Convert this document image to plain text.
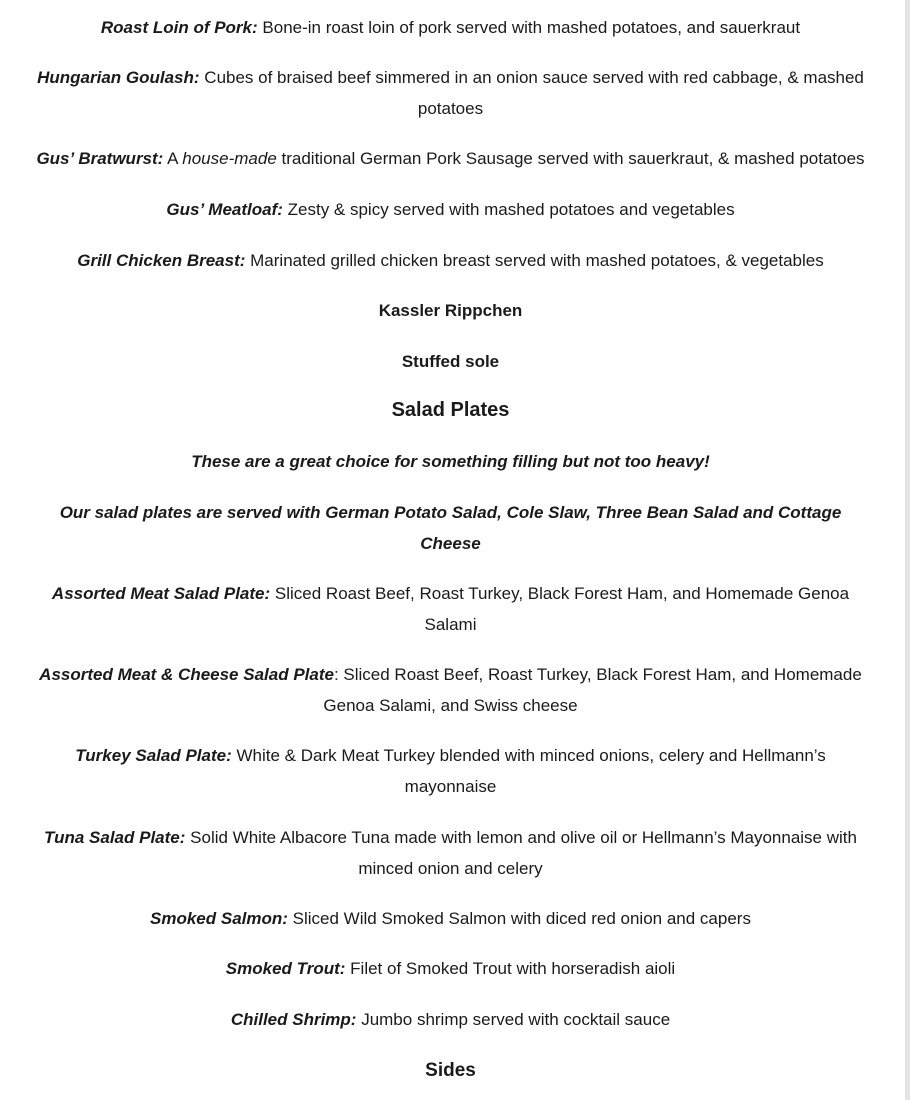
Roast Loin of Pork: Bone-in roast loin of pork served with mashed potatoes, and sauerkraut

Hungarian Goulash: Cubes of braised beef simmered in an onion sauce served with red cabbage, & mashed potatoes

Gus’ Bratwurst: A house-made traditional German Pork Sausage served with sauerkraut, & mashed potatoes

Gus’ Meatloaf: Zesty & spicy served with mashed potatoes and vegetables

Grill Chicken Breast: Marinated grilled chicken breast served with mashed potatoes, & vegetables

Kassler Rippchen

Stuffed sole

Salad Plates

These are a great choice for something filling but not too heavy!

Our salad plates are served with German Potato Salad, Cole Slaw, Three Bean Salad and Cottage Cheese

Assorted Meat Salad Plate: Sliced Roast Beef, Roast Turkey, Black Forest Ham, and Homemade Genoa Salami

Assorted Meat & Cheese Salad Plate: Sliced Roast Beef, Roast Turkey, Black Forest Ham, and Homemade Genoa Salami, and Swiss cheese

Turkey Salad Plate: White & Dark Meat Turkey blended with minced onions, celery and Hellmann’s mayonnaise

Tuna Salad Plate: Solid White Albacore Tuna made with lemon and olive oil or Hellmann’s Mayonnaise with minced onion and celery

Smoked Salmon: Sliced Wild Smoked Salmon with diced red onion and capers

Smoked Trout: Filet of Smoked Trout with horseradish aioli

Chilled Shrimp: Jumbo shrimp served with cocktail sauce

Sides
